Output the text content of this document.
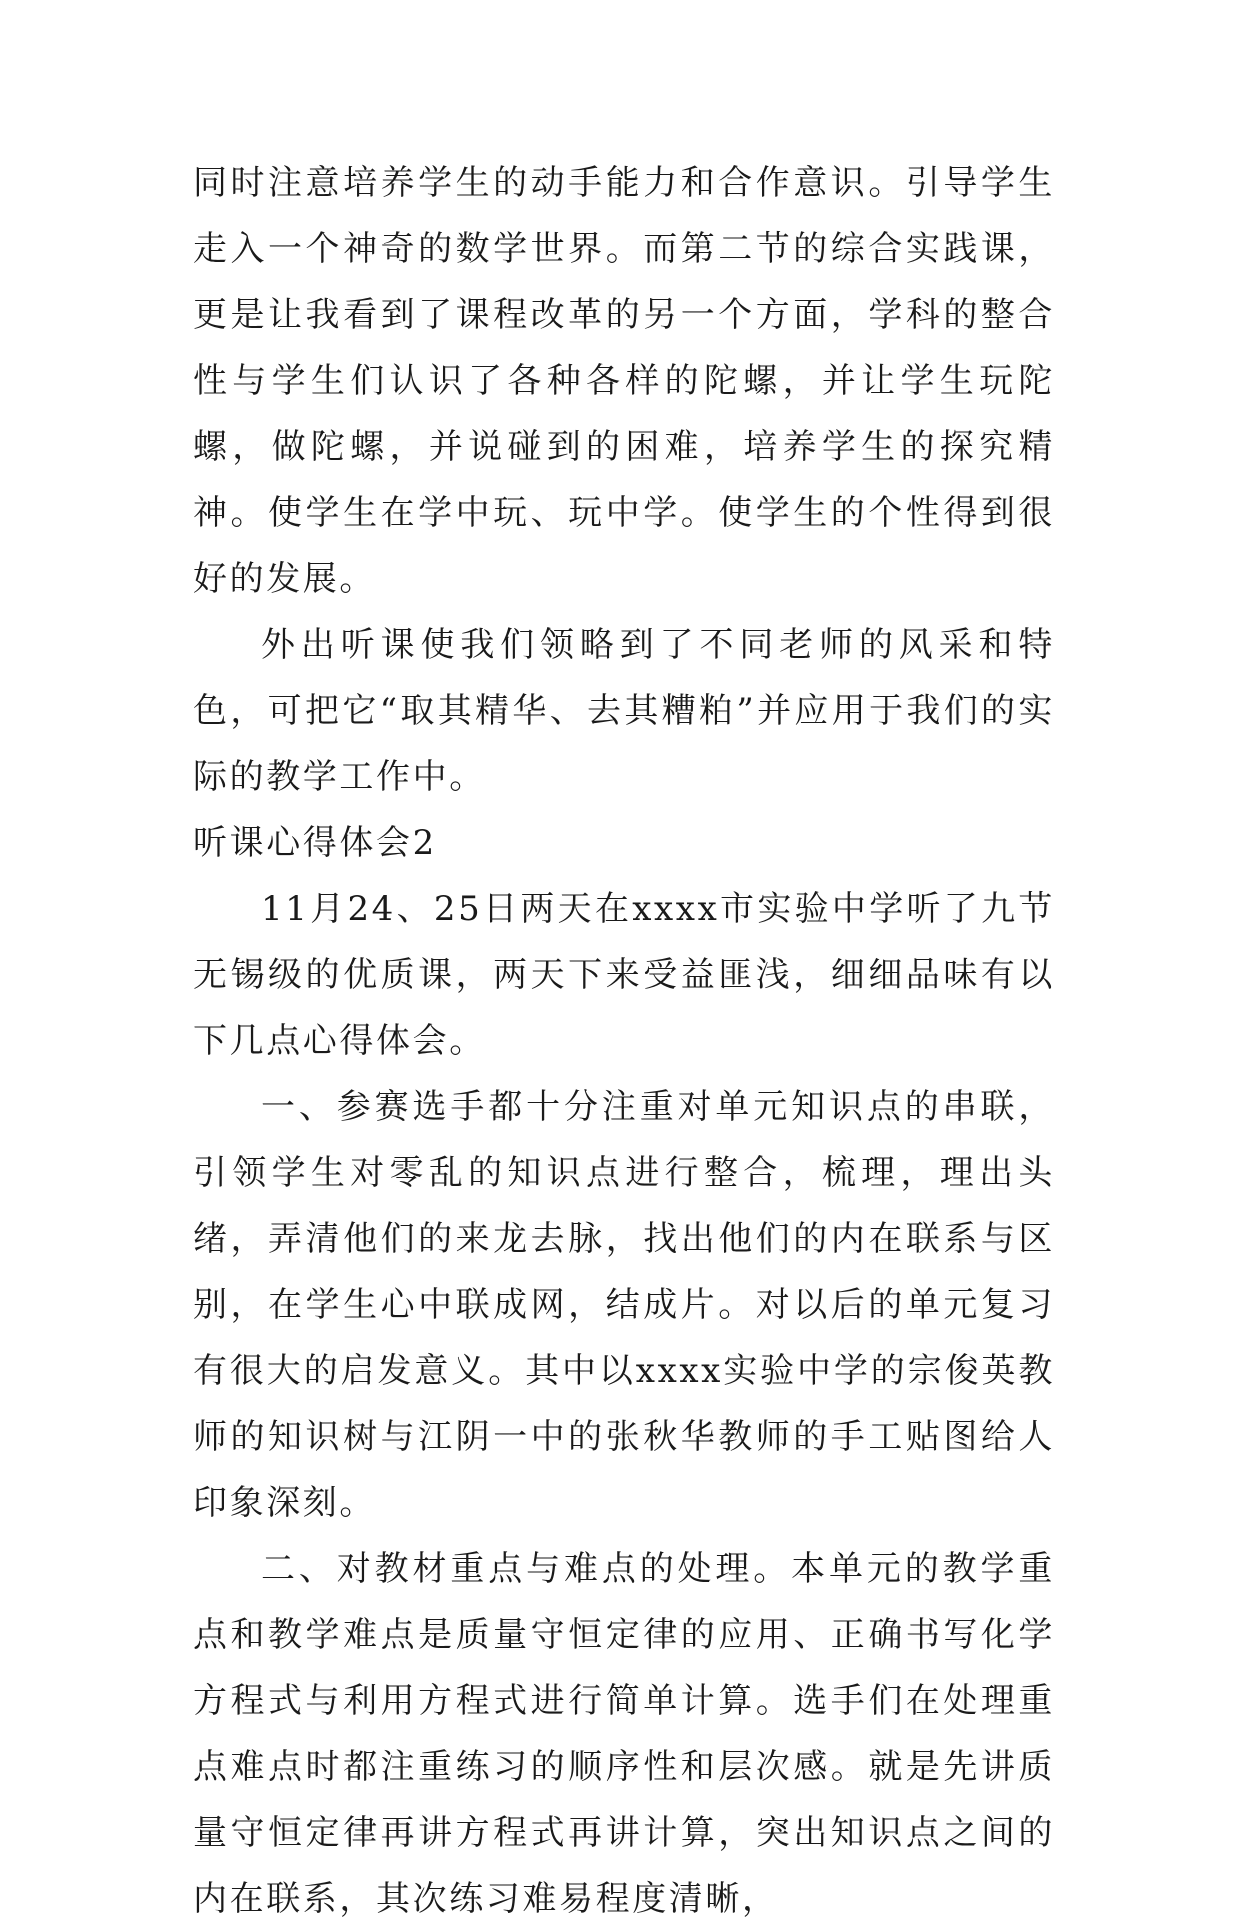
同时注意培养学生的动手能力和合作意识。引导学生走入一个神奇的数学世界。而第二节的综合实践课，更是让我看到了课程改革的另一个方面，学科的整合性与学生们认识了各种各样的陀螺，并让学生玩陀螺，做陀螺，并说碰到的困难，培养学生的探究精神。使学生在学中玩、玩中学。使学生的个性得到很好的发展。

外出听课使我们领略到了不同老师的风采和特色，可把它“取其精华、去其糟粕”并应用于我们的实际的教学工作中。

听课心得体会2

11月24、25日两天在xxxx市实验中学听了九节无锡级的优质课，两天下来受益匪浅，细细品味有以下几点心得体会。

一、参赛选手都十分注重对单元知识点的串联，引领学生对零乱的知识点进行整合，梳理，理出头绪，弄清他们的来龙去脉，找出他们的内在联系与区别，在学生心中联成网，结成片。对以后的单元复习有很大的启发意义。其中以xxxx实验中学的宗俊英教师的知识树与江阴一中的张秋华教师的手工贴图给人印象深刻。

二、对教材重点与难点的处理。本单元的教学重点和教学难点是质量守恒定律的应用、正确书写化学方程式与利用方程式进行简单计算。选手们在处理重点难点时都注重练习的顺序性和层次感。就是先讲质量守恒定律再讲方程式再讲计算，突出知识点之间的内在联系，其次练习难易程度清晰，
